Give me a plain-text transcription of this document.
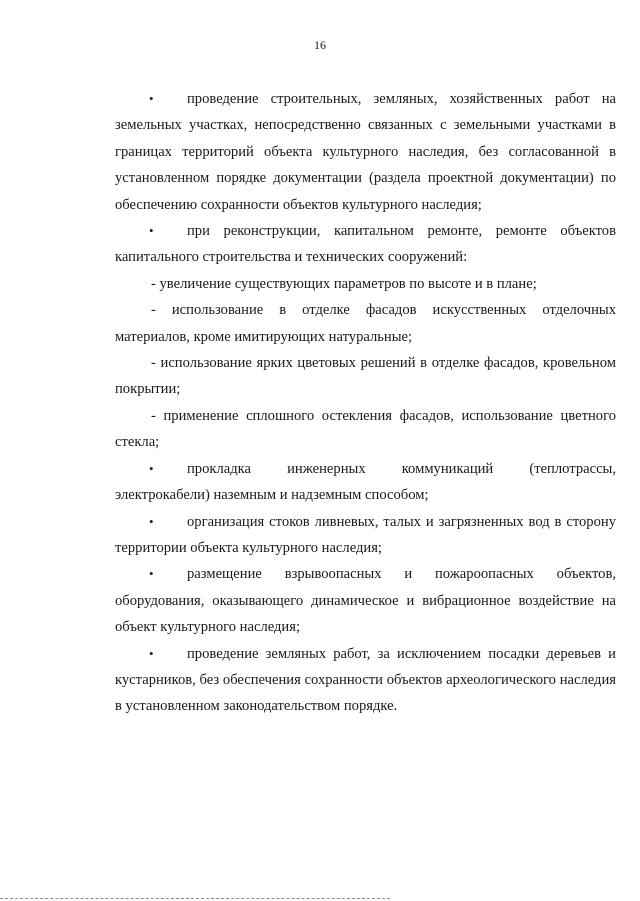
16

• проведение строительных, земляных, хозяйственных работ на земельных участках, непосредственно связанных с земельными участками в границах территорий объекта культурного наследия, без согласованной в установленном порядке документации (раздела проектной документации) по обеспечению сохранности объектов культурного наследия;

• при реконструкции, капитальном ремонте, ремонте объектов капитального строительства и технических сооружений:

- увеличение существующих параметров по высоте и в плане;

- использование в отделке фасадов искусственных отделочных материалов, кроме имитирующих натуральные;

- использование ярких цветовых решений в отделке фасадов, кровельном покрытии;

- применение сплошного остекления фасадов, использование цветного стекла;

• прокладка инженерных коммуникаций (теплотрассы, электрокабели) наземным и надземным способом;

• организация стоков ливневых, талых и загрязненных вод в сторону территории объекта культурного наследия;

• размещение взрывоопасных и пожароопасных объектов, оборудования, оказывающего динамическое и вибрационное воздействие на объект культурного наследия;

• проведение земляных работ, за исключением посадки деревьев и кустарников, без обеспечения сохранности объектов археологического наследия в установленном законодательством порядке.
